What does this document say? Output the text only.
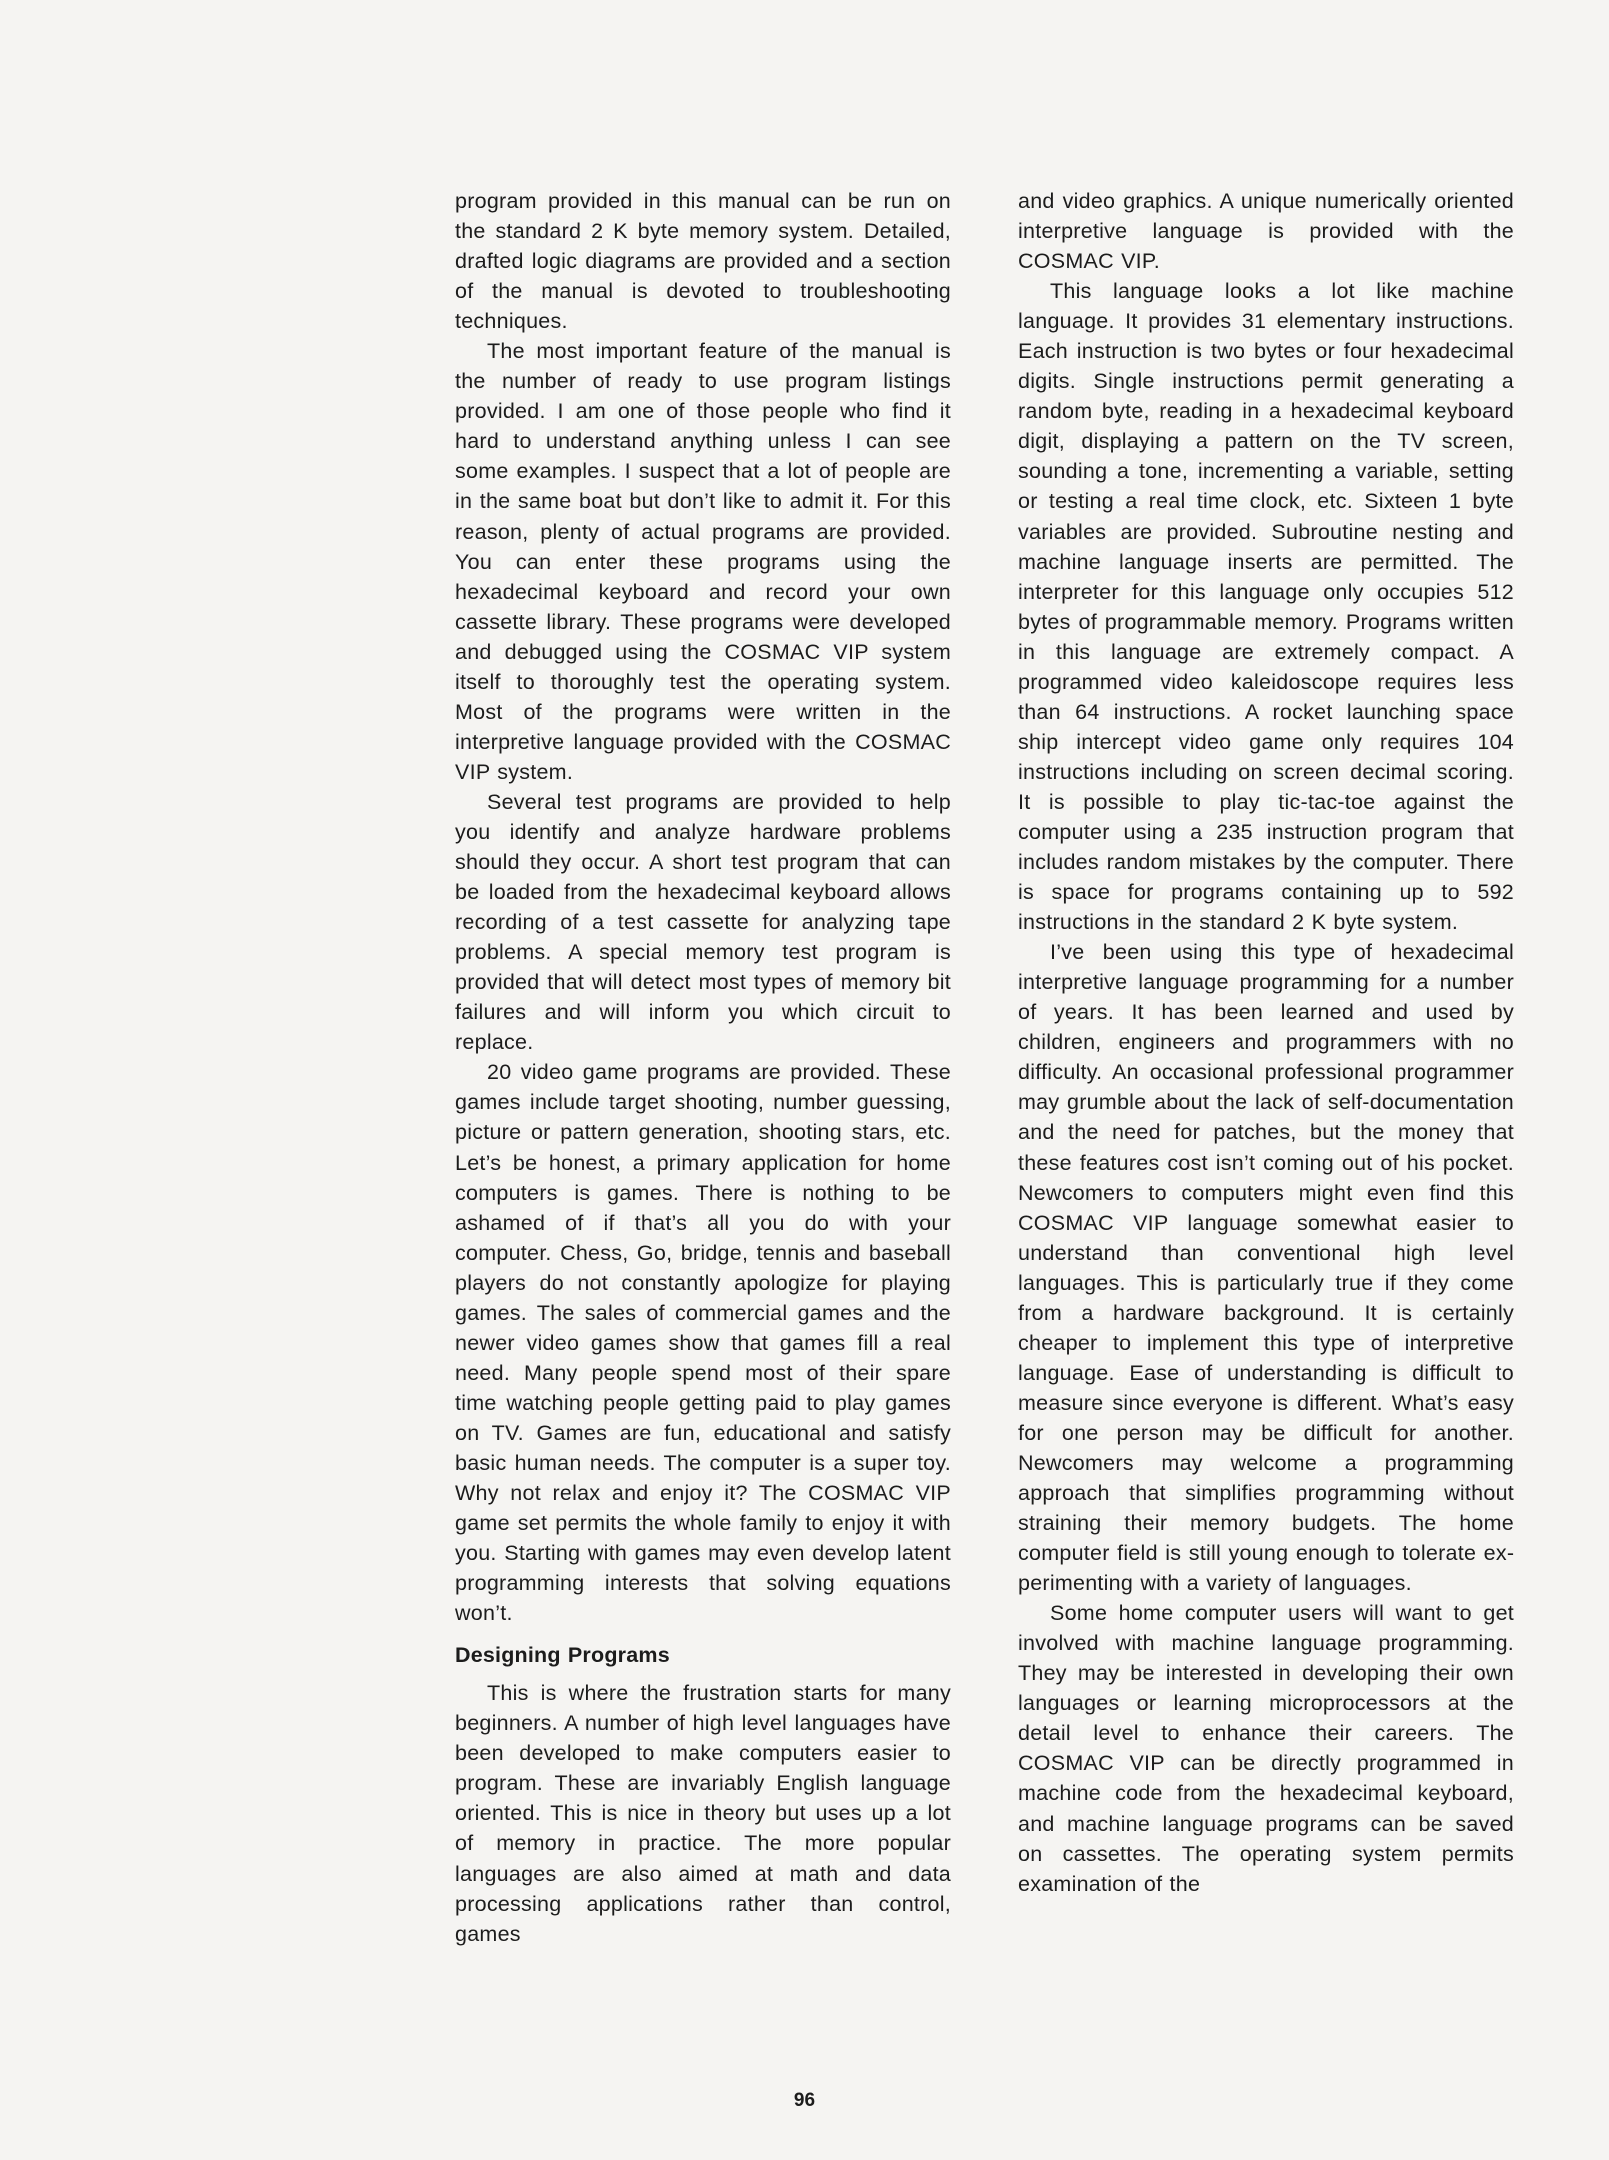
program provided in this manual can be run on the standard 2 K byte memory system. Detailed, drafted logic diagrams are provided and a section of the manual is devoted to troubleshooting techniques.

The most important feature of the manual is the number of ready to use program listings provided. I am one of those people who find it hard to understand anything unless I can see some examples. I suspect that a lot of people are in the same boat but don’t like to admit it. For this reason, plenty of actual programs are provided. You can enter these programs using the hexadecimal keyboard and record your own cassette library. These programs were developed and debugged using the COSMAC VIP system itself to thoroughly test the operating system. Most of the programs were written in the interpretive language provided with the COSMAC VIP system.

Several test programs are provided to help you identify and analyze hardware problems should they occur. A short test program that can be loaded from the hexadecimal keyboard allows recording of a test cassette for analyzing tape problems. A special memory test program is provided that will detect most types of memory bit failures and will inform you which circuit to replace.

20 video game programs are provided. These games include target shooting, number guessing, picture or pattern generation, shooting stars, etc. Let’s be honest, a primary application for home computers is games. There is nothing to be ashamed of if that’s all you do with your computer. Chess, Go, bridge, tennis and baseball players do not constantly apologize for playing games. The sales of commercial games and the newer video games show that games fill a real need. Many people spend most of their spare time watching people getting paid to play games on TV. Games are fun, educational and satisfy basic human needs. The computer is a super toy. Why not relax and enjoy it? The COSMAC VIP game set permits the whole family to enjoy it with you. Starting with games may even develop latent programming interests that solving equations won’t.

Designing Programs

This is where the frustration starts for many beginners. A number of high level languages have been developed to make computers easier to program. These are invariably English language oriented. This is nice in theory but uses up a lot of memory in practice. The more popular languages are also aimed at math and data processing applications rather than control, games

and video graphics. A unique numerically oriented interpretive language is provided with the COSMAC VIP.

This language looks a lot like machine language. It provides 31 elementary instructions. Each instruction is two bytes or four hexadecimal digits. Single instructions permit generating a random byte, reading in a hexadecimal keyboard digit, displaying a pattern on the TV screen, sounding a tone, incrementing a variable, setting or testing a real time clock, etc. Sixteen 1 byte variables are provided. Subroutine nesting and machine language inserts are permitted. The interpreter for this language only occupies 512 bytes of programmable memory. Programs written in this language are extremely compact. A programmed video kaleidoscope requires less than 64 instructions. A rocket launching space ship intercept video game only requires 104 instructions including on screen decimal scoring. It is possible to play tic-tac-toe against the computer using a 235 instruction program that includes random mistakes by the computer. There is space for programs containing up to 592 instructions in the standard 2 K byte system.

I’ve been using this type of hexadecimal interpretive language programming for a number of years. It has been learned and used by children, engineers and programmers with no difficulty. An occasional professional programmer may grumble about the lack of self-documentation and the need for patches, but the money that these features cost isn’t coming out of his pocket. Newcomers to computers might even find this COSMAC VIP language somewhat easier to understand than conventional high level languages. This is particularly true if they come from a hardware background. It is certainly cheaper to implement this type of interpretive language. Ease of understanding is difficult to measure since everyone is different. What’s easy for one person may be difficult for another. Newcomers may welcome a programming approach that simplifies programming without straining their memory budgets. The home computer field is still young enough to tolerate experimenting with a variety of languages.

Some home computer users will want to get involved with machine language programming. They may be interested in developing their own languages or learning microprocessors at the detail level to enhance their careers. The COSMAC VIP can be directly programmed in machine code from the hexadecimal keyboard, and machine language programs can be saved on cassettes. The operating system permits examination of the

96
